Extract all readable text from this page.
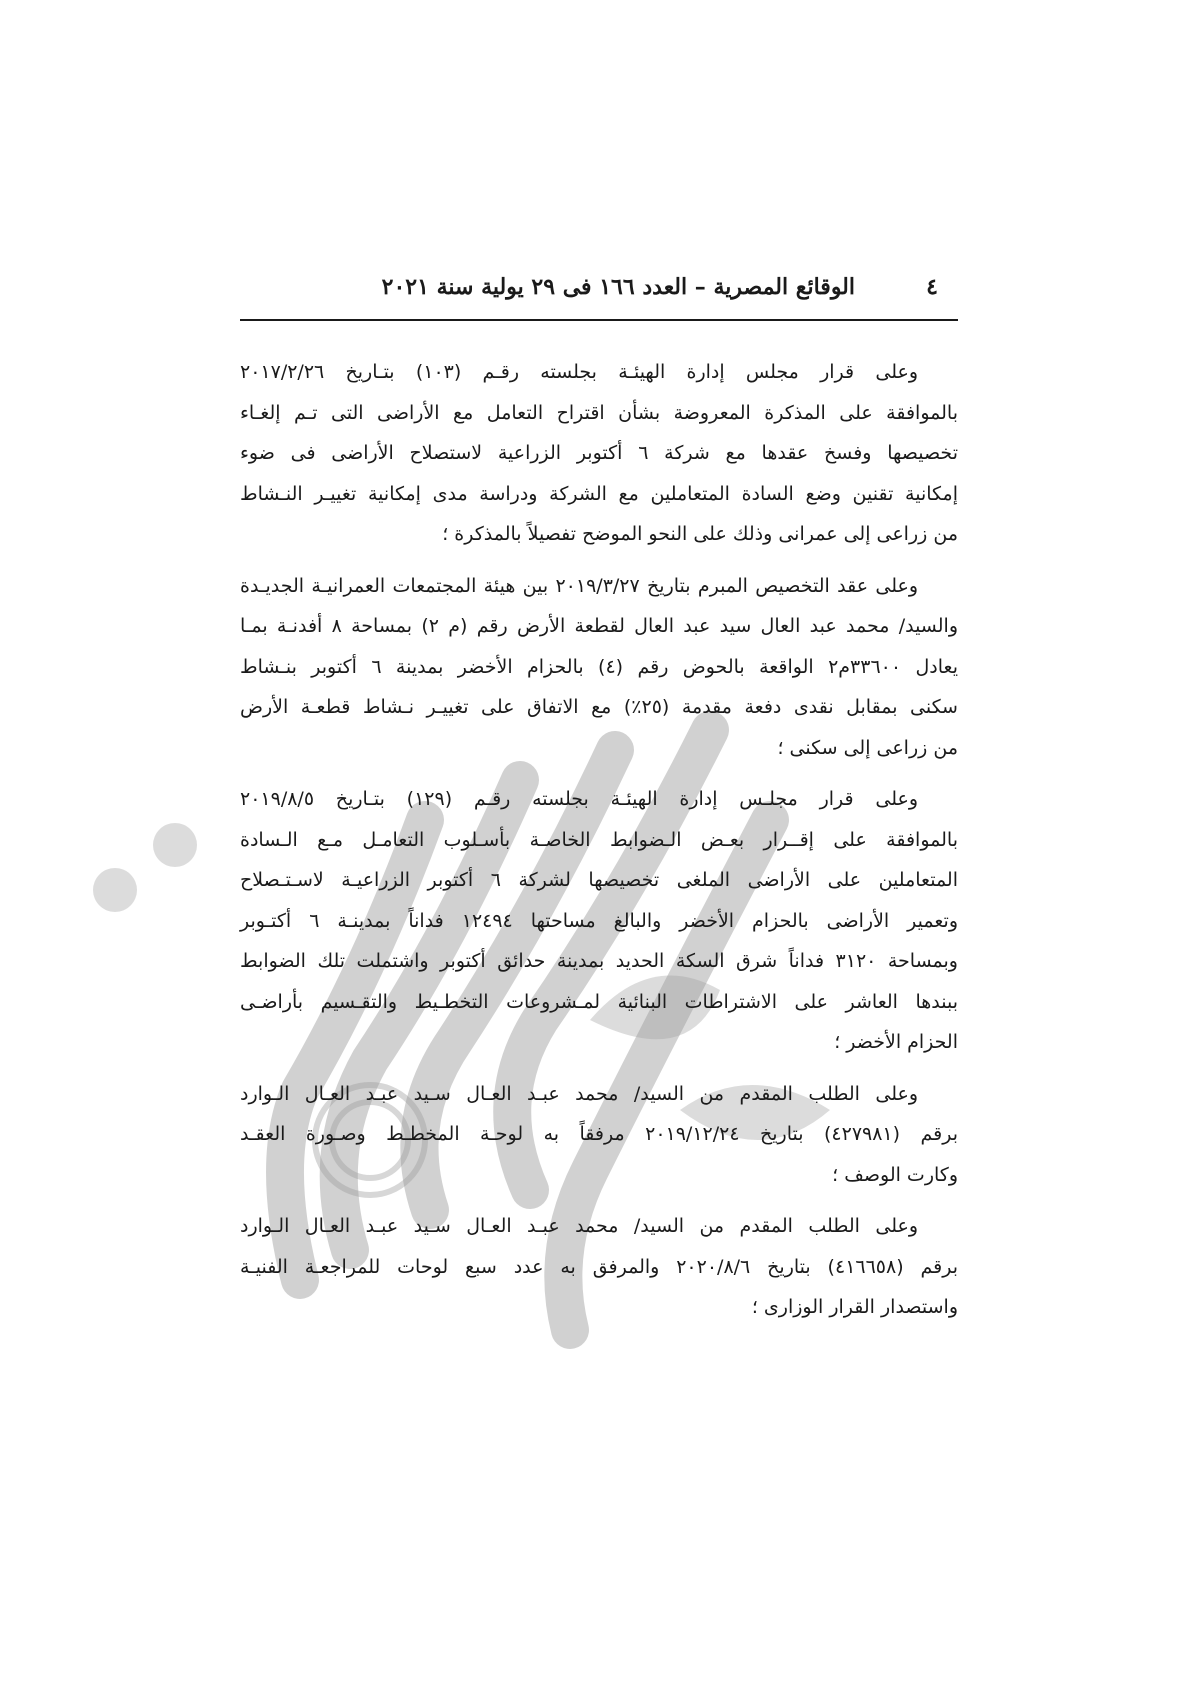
٤
الوقائع المصرية – العدد ١٦٦ فى ٢٩ يولية سنة ٢٠٢١
وعلى قرار مجلس إدارة الهيئـة بجلسته رقـم (١٠٣) بتـاريخ ٢٠١٧/٢/٢٦
بالموافقة على المذكرة المعروضة بشأن اقتراح التعامل مع الأراضى التى تـم إلغـاء
تخصيصها وفسخ عقدها مع شركة ٦ أكتوبر الزراعية لاستصلاح الأراضى فى ضوء
إمكانية تقنين وضع السادة المتعاملين مع الشركة ودراسة مدى إمكانية تغييـر النـشاط
من زراعى إلى عمرانى وذلك على النحو الموضح تفصيلاً بالمذكرة ؛
وعلى عقد التخصيص المبرم بتاريخ ٢٠١٩/٣/٢٧ بين هيئة المجتمعات العمرانيـة الجديـدة
والسيد/ محمد عبد العال سيد عبد العال لقطعة الأرض رقم (م ٢) بمساحة ٨ أفدنـة بمـا
يعادل ٣٣٦٠٠م٢ الواقعة بالحوض رقم (٤) بالحزام الأخضر بمدينة ٦ أكتوبر بنـشاط
سكنى بمقابل نقدى دفعة مقدمة (٢٥٪) مع الاتفاق على تغييـر نـشاط قطعـة الأرض
من زراعى إلى سكنى ؛
وعلى قرار مجلـس إدارة الهيئـة بجلسته رقـم (١٢٩) بتـاريخ ٢٠١٩/٨/٥
بالموافقة على إقــرار بعـض الـضوابط الخاصـة بأسـلوب التعامـل مـع الـسادة
المتعاملين على الأراضى الملغى تخصيصها لشركة ٦ أكتوبر الزراعيـة لاسـتـصلاح
وتعمير الأراضى بالحزام الأخضر والبالغ مساحتها ١٢٤٩٤ فداناً بمدينـة ٦ أكتـوبر
وبمساحة ٣١٢٠ فداناً شرق السكة الحديد بمدينة حدائق أكتوبر واشتملت تلك الضوابط
ببندها العاشر على الاشتراطات البنائية لمـشروعات التخطـيط والتقـسيم بأراضـى
الحزام الأخضر ؛
وعلى الطلب المقدم من السيد/ محمد عبـد العـال سـيد عبـد العـال الـوارد
برقم (٤٢٧٩٨١) بتاريخ ٢٠١٩/١٢/٢٤ مرفقاً به لوحـة المخطـط وصـورة العقـد
وكارت الوصف ؛
وعلى الطلب المقدم من السيد/ محمد عبـد العـال سـيد عبـد العـال الـوارد
برقم (٤١٦٦٥٨) بتاريخ ٢٠٢٠/٨/٦ والمرفق به عدد سبع لوحات للمراجعـة الفنيـة
واستصدار القرار الوزارى ؛
